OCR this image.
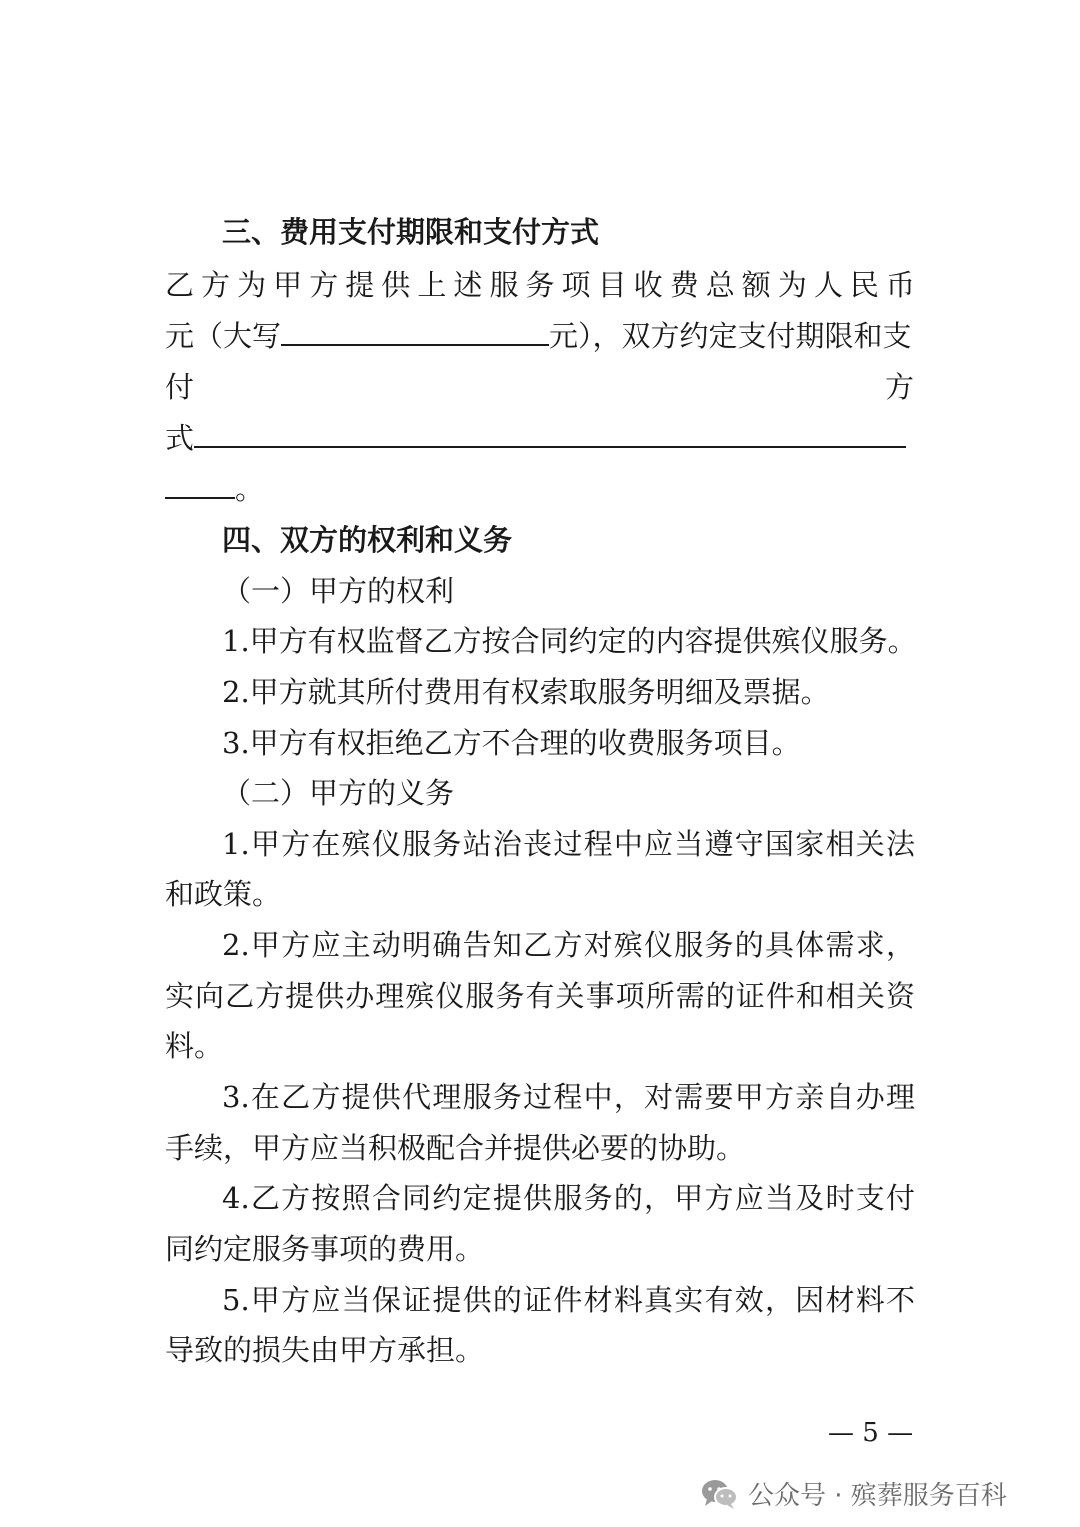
三、费用支付期限和支付方式
乙方为甲方提供上述服务项目收费总额为人民币
元（大写	元），双方约定支付期限和支
付	方
式
。
四、双方的权利和义务
（一）甲方的权利
1.甲方有权监督乙方按合同约定的内容提供殡仪服务。
2.甲方就其所付费用有权索取服务明细及票据。
3.甲方有权拒绝乙方不合理的收费服务项目。
（二）甲方的义务
1.甲方在殡仪服务站治丧过程中应当遵守国家相关法
和政策。
2.甲方应主动明确告知乙方对殡仪服务的具体需求，
实向乙方提供办理殡仪服务有关事项所需的证件和相关资
料。
3.在乙方提供代理服务过程中，对需要甲方亲自办理
手续，甲方应当积极配合并提供必要的协助。
4.乙方按照合同约定提供服务的，甲方应当及时支付
同约定服务事项的费用。
5.甲方应当保证提供的证件材料真实有效，因材料不
导致的损失由甲方承担。
— 5 —
公众号 · 殡葬服务百科
